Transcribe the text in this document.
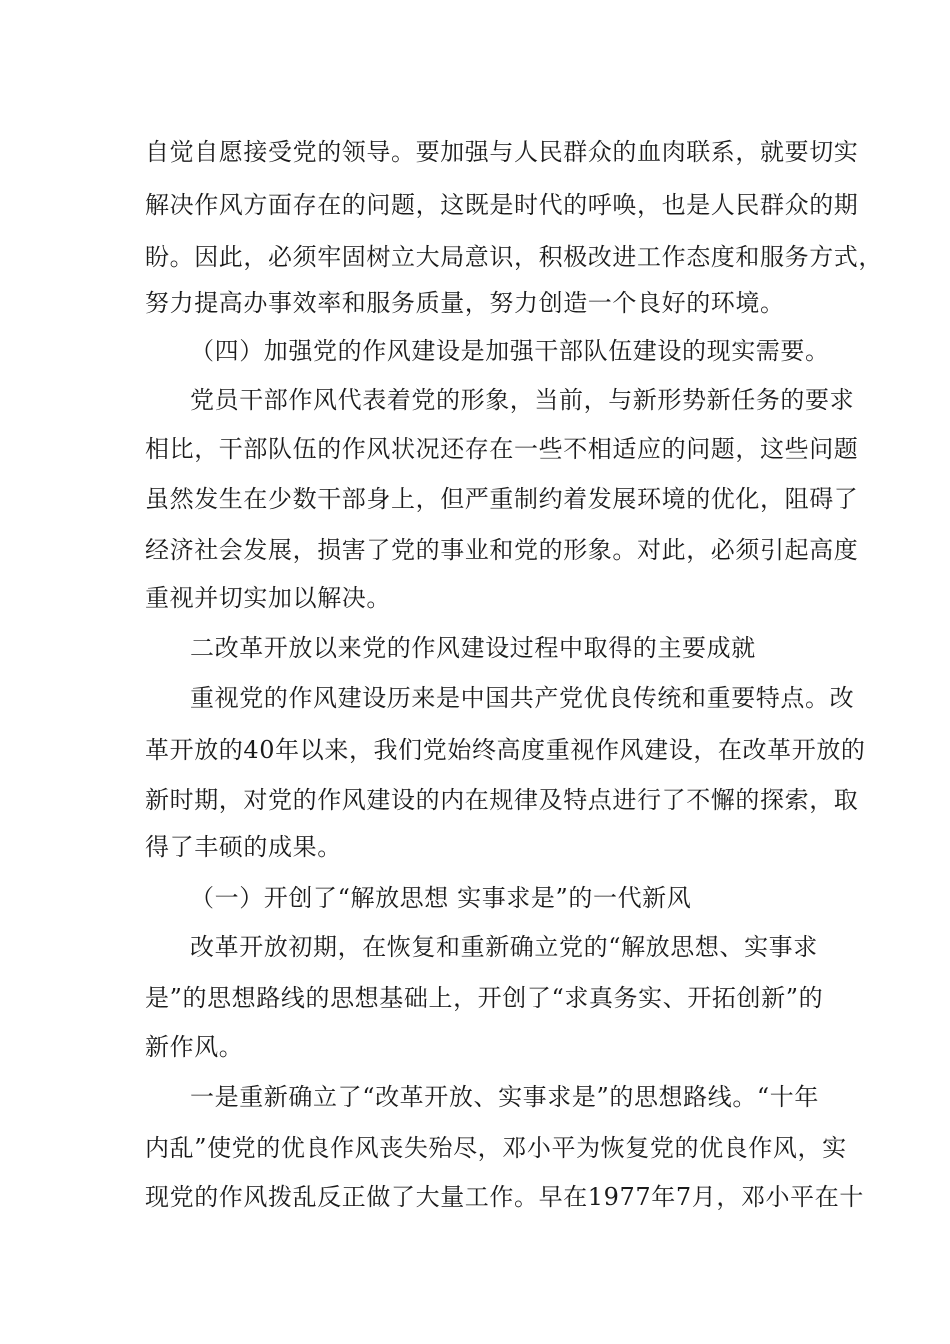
自觉自愿接受党的领导。要加强与人民群众的血肉联系，就要切实
解决作风方面存在的问题，这既是时代的呼唤，也是人民群众的期
盼。因此，必须牢固树立大局意识，积极改进工作态度和服务方式，
努力提高办事效率和服务质量，努力创造一个良好的环境。
（四）加强党的作风建设是加强干部队伍建设的现实需要。
党员干部作风代表着党的形象，当前，与新形势新任务的要求
相比，干部队伍的作风状况还存在一些不相适应的问题，这些问题
虽然发生在少数干部身上，但严重制约着发展环境的优化，阻碍了
经济社会发展，损害了党的事业和党的形象。对此，必须引起高度
重视并切实加以解决。
二改革开放以来党的作风建设过程中取得的主要成就
重视党的作风建设历来是中国共产党优良传统和重要特点。改
革开放的40年以来，我们党始终高度重视作风建设，在改革开放的
新时期，对党的作风建设的内在规律及特点进行了不懈的探索，取
得了丰硕的成果。
（一）开创了“解放思想 实事求是”的一代新风
改革开放初期，在恢复和重新确立党的“解放思想、实事求
是”的思想路线的思想基础上，开创了“求真务实、开拓创新”的
新作风。
一是重新确立了“改革开放、实事求是”的思想路线。“十年
内乱”使党的优良作风丧失殆尽，邓小平为恢复党的优良作风，实
现党的作风拨乱反正做了大量工作。早在1977年7月，邓小平在十
